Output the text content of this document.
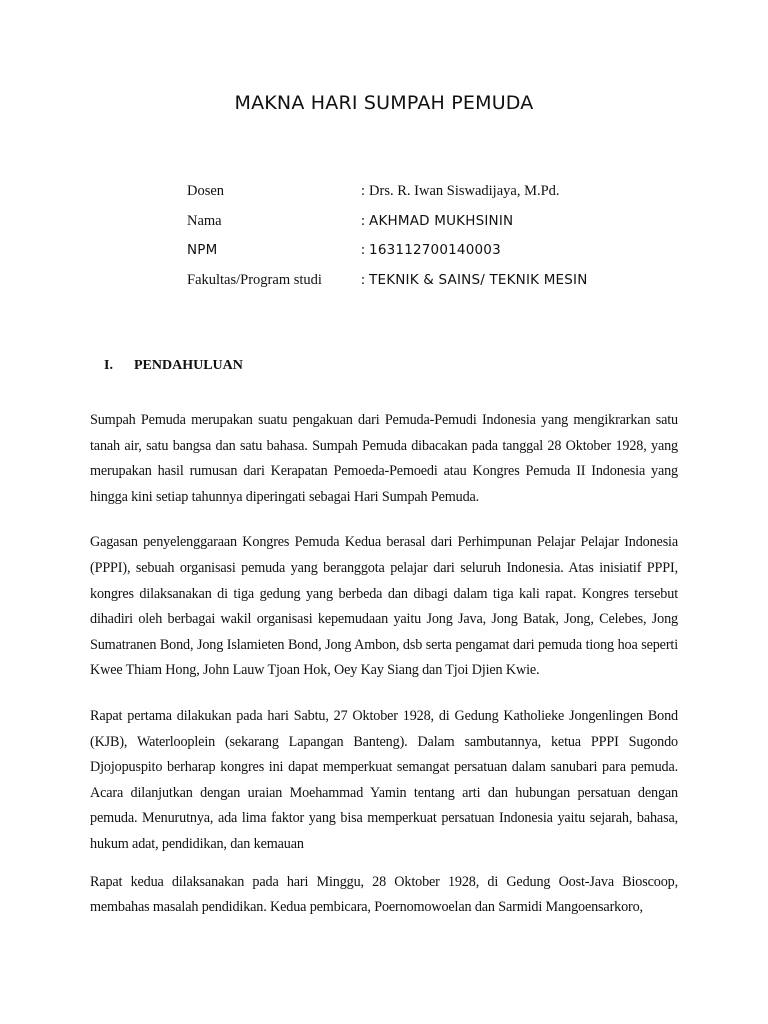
MAKNA HARI SUMPAH PEMUDA
Dosen	: Drs. R. Iwan Siswadijaya, M.Pd.
Nama	: AKHMAD MUKHSININ
NPM	: 163112700140003
Fakultas/Program studi	: TEKNIK & SAINS/ TEKNIK MESIN
I. PENDAHULUAN

Sumpah Pemuda merupakan suatu pengakuan dari Pemuda-Pemudi Indonesia yang mengikrarkan satu tanah air, satu bangsa dan satu bahasa. Sumpah Pemuda dibacakan pada tanggal 28 Oktober 1928, yang merupakan hasil rumusan dari Kerapatan Pemoeda-Pemoedi atau Kongres Pemuda II Indonesia yang hingga kini setiap tahunnya diperingati sebagai Hari Sumpah Pemuda.

Gagasan penyelenggaraan Kongres Pemuda Kedua berasal dari Perhimpunan Pelajar Pelajar Indonesia (PPPI), sebuah organisasi pemuda yang beranggota pelajar dari seluruh Indonesia. Atas inisiatif PPPI, kongres dilaksanakan di tiga gedung yang berbeda dan dibagi dalam tiga kali rapat. Kongres tersebut dihadiri oleh berbagai wakil organisasi kepemudaan yaitu Jong Java, Jong Batak, Jong, Celebes, Jong Sumatranen Bond, Jong Islamieten Bond, Jong Ambon, dsb serta pengamat dari pemuda tiong hoa seperti Kwee Thiam Hong, John Lauw Tjoan Hok, Oey Kay Siang dan Tjoi Djien Kwie.

Rapat pertama dilakukan pada hari Sabtu, 27 Oktober 1928, di Gedung Katholieke Jongenlingen Bond (KJB), Waterlooplein (sekarang Lapangan Banteng). Dalam sambutannya, ketua PPPI Sugondo Djojopuspito berharap kongres ini dapat memperkuat semangat persatuan dalam sanubari para pemuda. Acara dilanjutkan dengan uraian Moehammad Yamin tentang arti dan hubungan persatuan dengan pemuda. Menurutnya, ada lima faktor yang bisa memperkuat persatuan Indonesia yaitu sejarah, bahasa, hukum adat, pendidikan, dan kemauan

Rapat kedua dilaksanakan pada hari Minggu, 28 Oktober 1928, di Gedung Oost-Java Bioscoop, membahas masalah pendidikan. Kedua pembicara, Poernomowoelan dan Sarmidi Mangoensarkoro,
